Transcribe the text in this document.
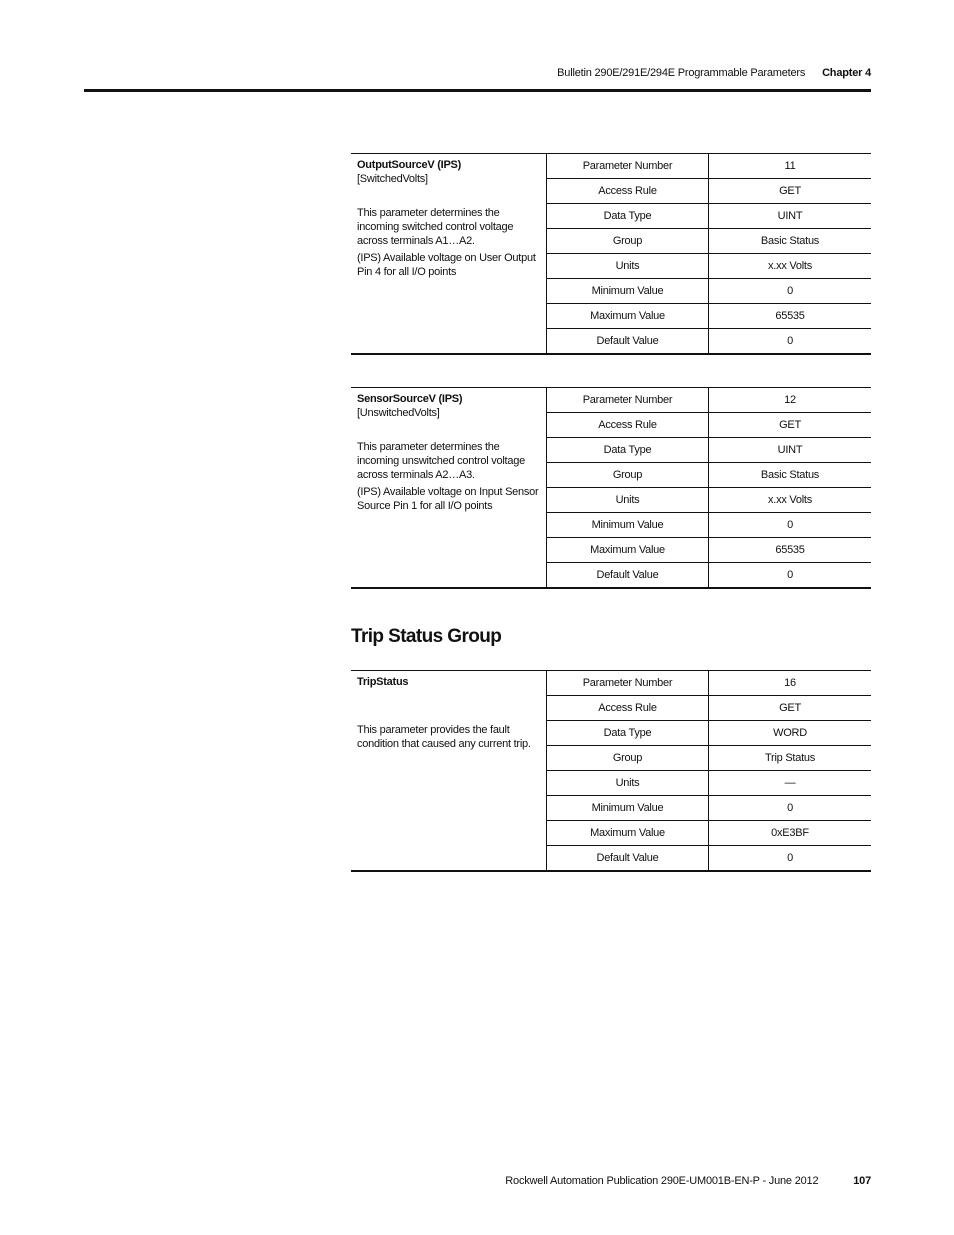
Bulletin 290E/291E/294E Programmable Parameters Chapter 4
OutputSourceV (IPS)
[SwitchedVolts]

This parameter determines the incoming switched control voltage across terminals A1…A2.

(IPS) Available voltage on User Output Pin 4 for all I/O points

Parameter Number	11
Access Rule	GET
Data Type	UINT
Group	Basic Status
Units	x.xx Volts
Minimum Value	0
Maximum Value	65535
Default Value	0
SensorSourceV (IPS)
[UnswitchedVolts]

This parameter determines the incoming unswitched control voltage across terminals A2…A3.

(IPS) Available voltage on Input Sensor Source Pin 1 for all I/O points

Parameter Number	12
Access Rule	GET
Data Type	UINT
Group	Basic Status
Units	x.xx Volts
Minimum Value	0
Maximum Value	65535
Default Value	0
Trip Status Group
TripStatus

This parameter provides the fault condition that caused any current trip.

Parameter Number	16
Access Rule	GET
Data Type	WORD
Group	Trip Status
Units	—
Minimum Value	0
Maximum Value	0xE3BF
Default Value	0
Rockwell Automation Publication 290E-UM001B-EN-P - June 2012	107
